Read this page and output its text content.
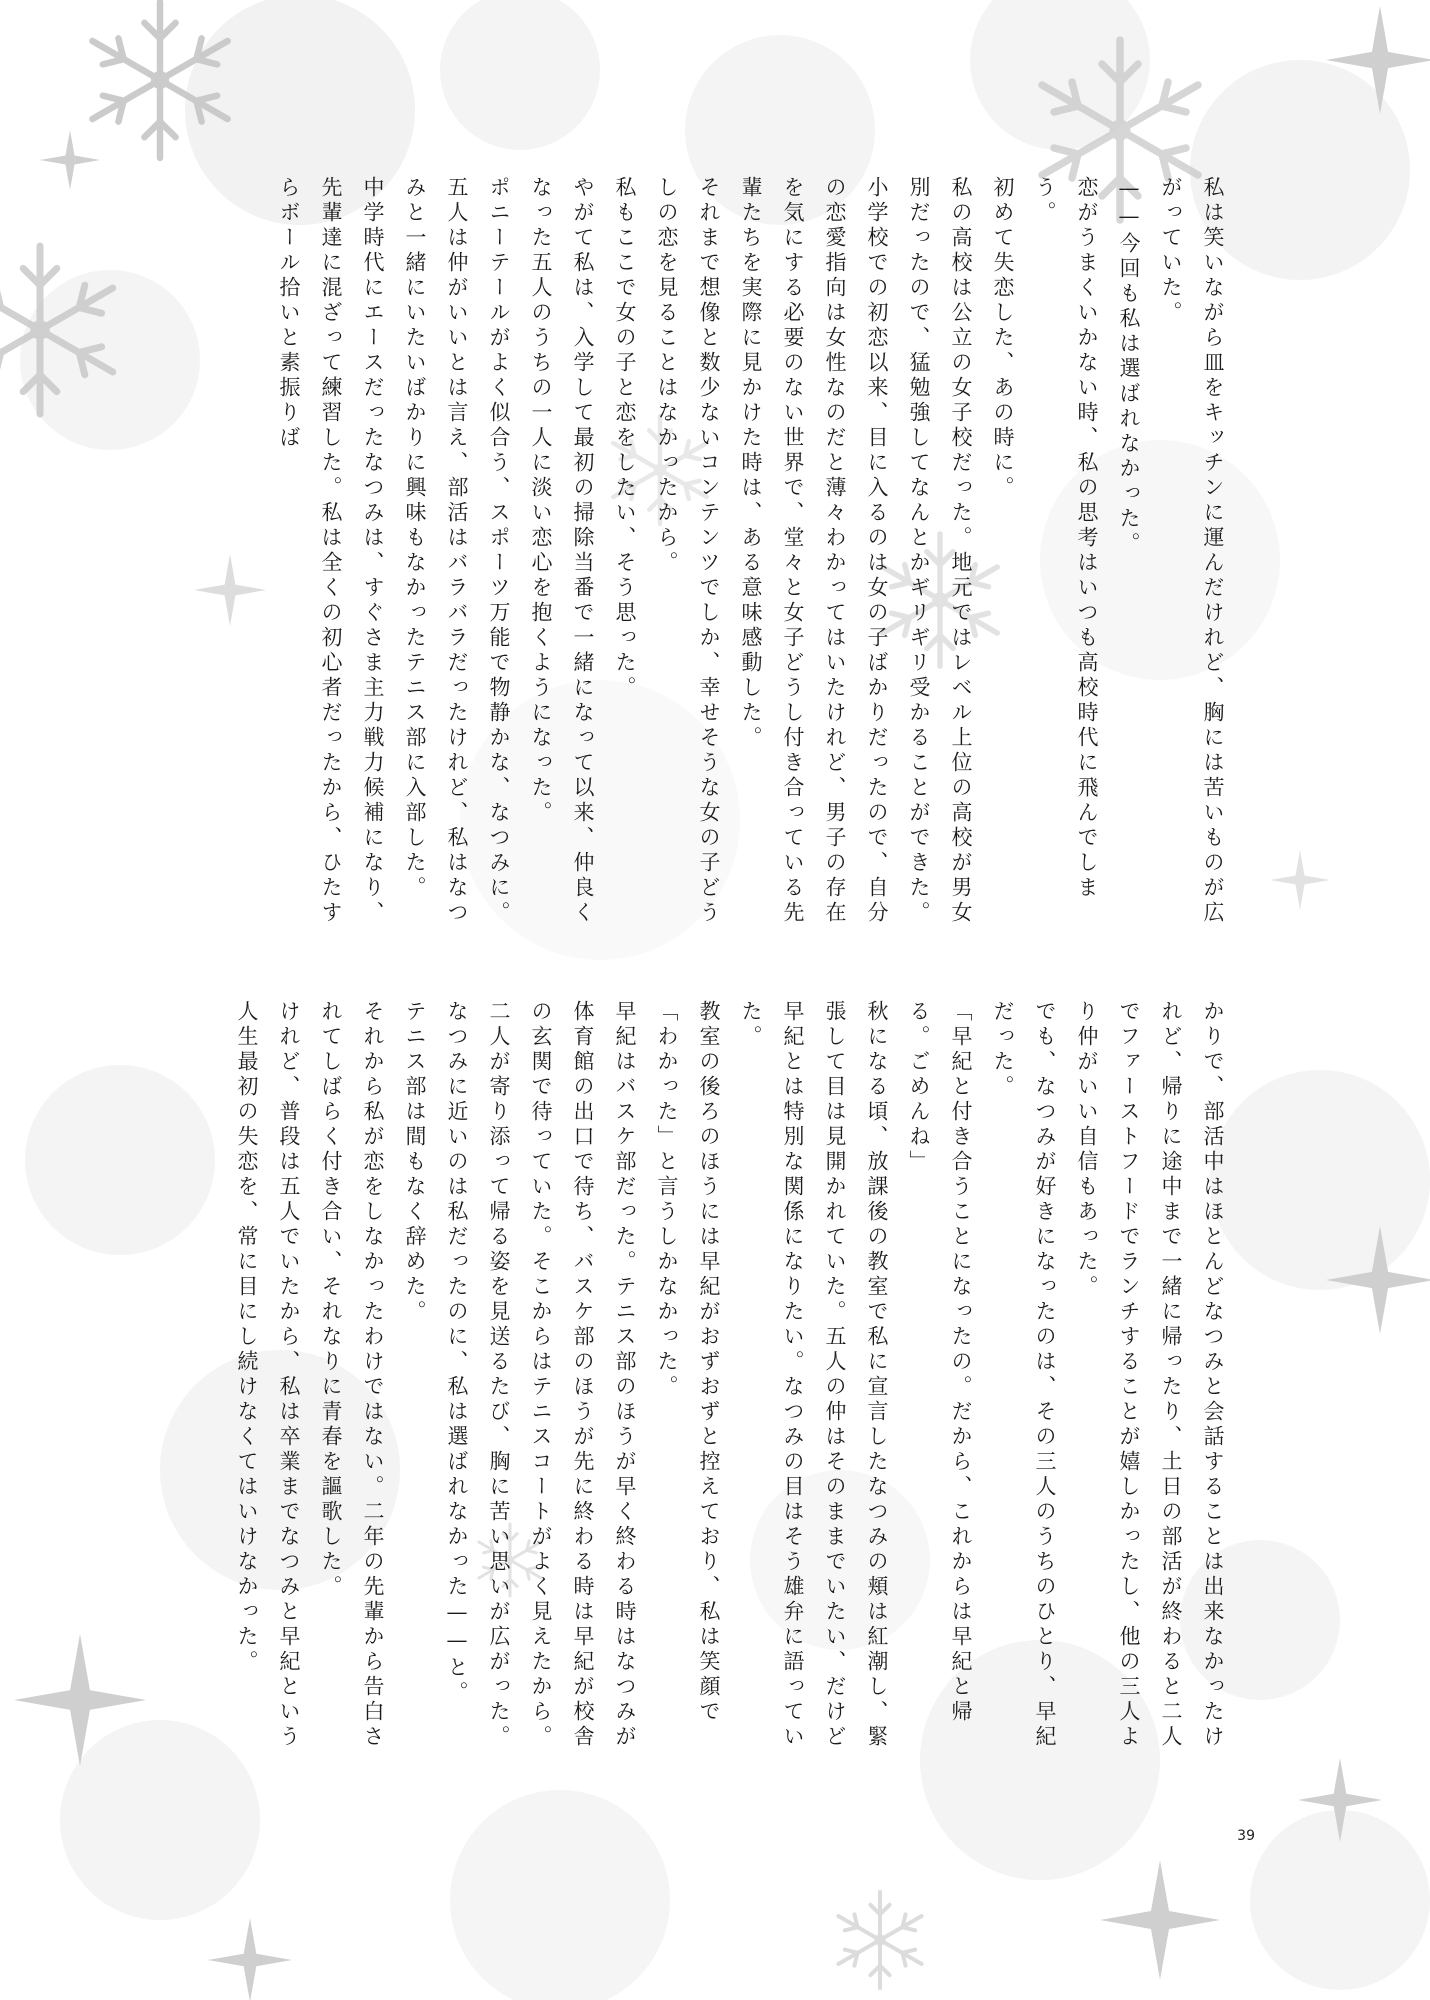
私は笑いながら皿をキッチンに運んだけれど、胸には苦いものが広がっていた。

——今回も私は選ばれなかった。

恋がうまくいかない時、私の思考はいつも高校時代に飛んでしまう。

初めて失恋した、あの時に。

私の高校は公立の女子校だった。地元ではレベル上位の高校が男女別だったので、猛勉強してなんとかギリギリ受かることができた。

小学校での初恋以来、目に入るのは女の子ばかりだったので、自分の恋愛指向は女性なのだと薄々わかってはいたけれど、男子の存在を気にする必要のない世界で、堂々と女子どうし付き合っている先輩たちを実際に見かけた時は、ある意味感動した。

それまで想像と数少ないコンテンツでしか、幸せそうな女の子どうしの恋を見ることはなかったから。

私もここで女の子と恋をしたい、そう思った。

やがて私は、入学して最初の掃除当番で一緒になって以来、仲良くなった五人のうちの一人に淡い恋心を抱くようになった。

ポニーテールがよく似合う、スポーツ万能で物静かな、なつみに。

五人は仲がいいとは言え、部活はバラバラだったけれど、私はなつみと一緒にいたいばかりに興味もなかったテニス部に入部した。

中学時代にエースだったなつみは、すぐさま主力戦力候補になり、先輩達に混ざって練習した。私は全くの初心者だったから、ひたすらボール拾いと素振りば

かりで、部活中はほとんどなつみと会話することは出来なかったけれど、帰りに途中まで一緒に帰ったり、土日の部活が終わると二人でファーストフードでランチすることが嬉しかったし、他の三人より仲がいい自信もあった。

でも、なつみが好きになったのは、その三人のうちのひとり、早紀だった。

「早紀と付き合うことになったの。だから、これからは早紀と帰る。ごめんね」

秋になる頃、放課後の教室で私に宣言したなつみの頬は紅潮し、緊張して目は見開かれていた。五人の仲はそのままでいたい、だけど早紀とは特別な関係になりたい。なつみの目はそう雄弁に語っていた。

教室の後ろのほうには早紀がおずおずと控えており、私は笑顔で「わかった」と言うしかなかった。

早紀はバスケ部だった。テニス部のほうが早く終わる時はなつみが体育館の出口で待ち、バスケ部のほうが先に終わる時は早紀が校舎の玄関で待っていた。そこからはテニスコートがよく見えたから。

二人が寄り添って帰る姿を見送るたび、胸に苦い思いが広がった。

なつみに近いのは私だったのに、私は選ばれなかった——と。

テニス部は間もなく辞めた。

それから私が恋をしなかったわけではない。二年の先輩から告白されてしばらく付き合い、それなりに青春を謳歌した。

けれど、普段は五人でいたから、私は卒業までなつみと早紀という人生最初の失恋を、常に目にし続けなくてはいけなかった。

39
